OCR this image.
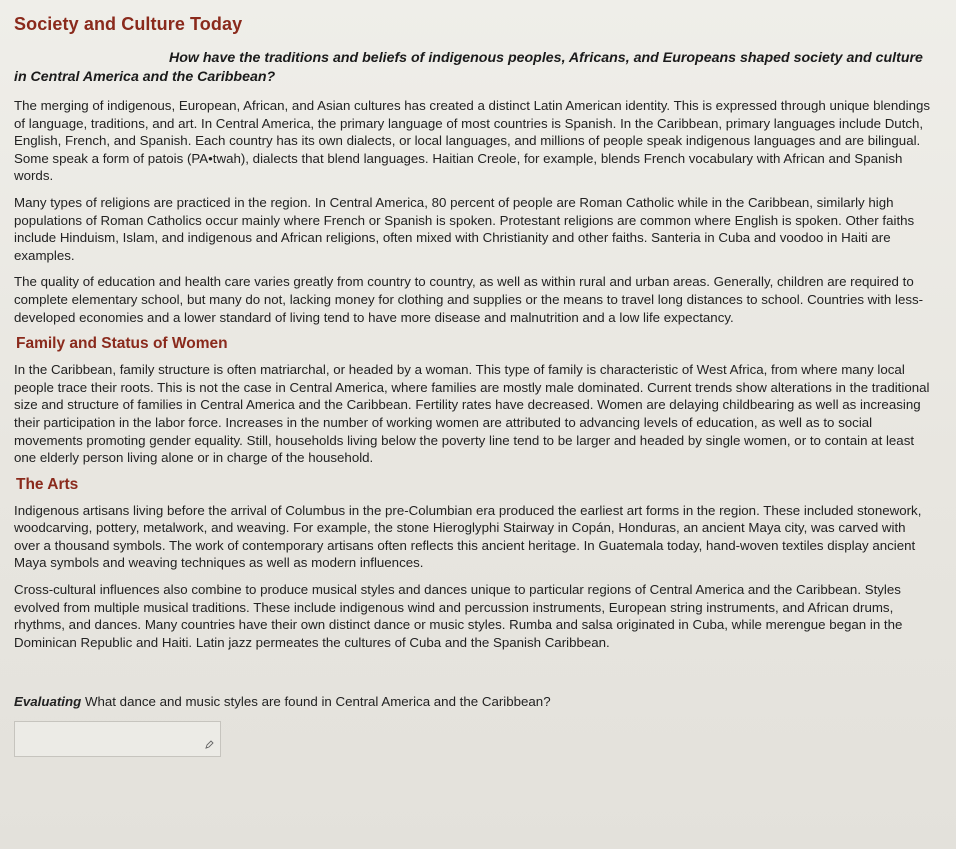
Society and Culture Today

How have the traditions and beliefs of indigenous peoples, Africans, and Europeans shaped society and culture in Central America and the Caribbean?

The merging of indigenous, European, African, and Asian cultures has created a distinct Latin American identity. This is expressed through unique blendings of language, traditions, and art. In Central America, the primary language of most countries is Spanish. In the Caribbean, primary languages include Dutch, English, French, and Spanish. Each country has its own dialects, or local languages, and millions of people speak indigenous languages and are bilingual. Some speak a form of patois (PA•twah), dialects that blend languages. Haitian Creole, for example, blends French vocabulary with African and Spanish words.

Many types of religions are practiced in the region. In Central America, 80 percent of people are Roman Catholic while in the Caribbean, similarly high populations of Roman Catholics occur mainly where French or Spanish is spoken. Protestant religions are common where English is spoken. Other faiths include Hinduism, Islam, and indigenous and African religions, often mixed with Christianity and other faiths. Santeria in Cuba and voodoo in Haiti are examples.

The quality of education and health care varies greatly from country to country, as well as within rural and urban areas. Generally, children are required to complete elementary school, but many do not, lacking money for clothing and supplies or the means to travel long distances to school. Countries with less-developed economies and a lower standard of living tend to have more disease and malnutrition and a low life expectancy.

Family and Status of Women

In the Caribbean, family structure is often matriarchal, or headed by a woman. This type of family is characteristic of West Africa, from where many local people trace their roots. This is not the case in Central America, where families are mostly male dominated. Current trends show alterations in the traditional size and structure of families in Central America and the Caribbean. Fertility rates have decreased. Women are delaying childbearing as well as increasing their participation in the labor force. Increases in the number of working women are attributed to advancing levels of education, as well as to social movements promoting gender equality. Still, households living below the poverty line tend to be larger and headed by single women, or to contain at least one elderly person living alone or in charge of the household.

The Arts

Indigenous artisans living before the arrival of Columbus in the pre-Columbian era produced the earliest art forms in the region. These included stonework, woodcarving, pottery, metalwork, and weaving. For example, the stone Hieroglyphi Stairway in Copán, Honduras, an ancient Maya city, was carved with over a thousand symbols. The work of contemporary artisans often reflects this ancient heritage. In Guatemala today, hand-woven textiles display ancient Maya symbols and weaving techniques as well as modern influences.

Cross-cultural influences also combine to produce musical styles and dances unique to particular regions of Central America and the Caribbean. Styles evolved from multiple musical traditions. These include indigenous wind and percussion instruments, European string instruments, and African drums, rhythms, and dances. Many countries have their own distinct dance or music styles. Rumba and salsa originated in Cuba, while merengue began in the Dominican Republic and Haiti. Latin jazz permeates the cultures of Cuba and the Spanish Caribbean.

Evaluating What dance and music styles are found in Central America and the Caribbean?
